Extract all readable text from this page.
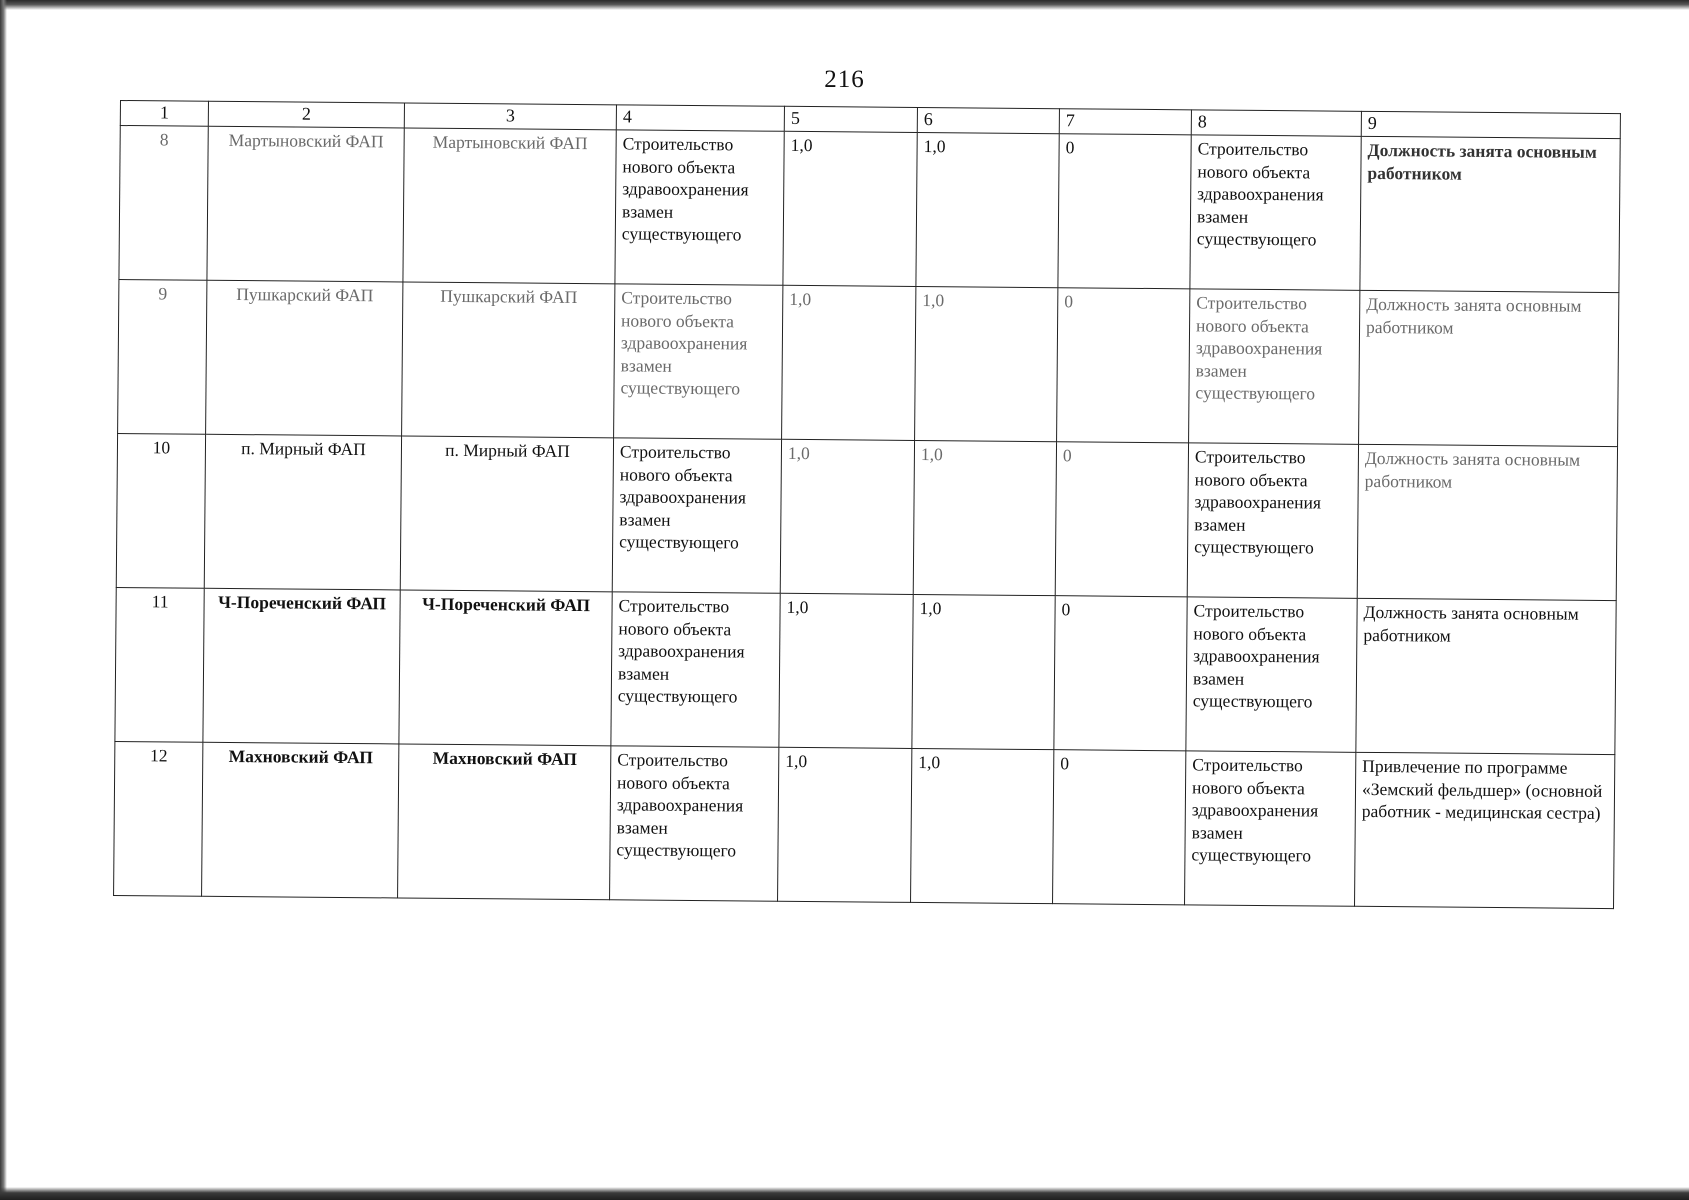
216
1	2	3	4	5	6	7	8	9
8	Мартыновский ФАП	Мартыновский ФАП	Строительство нового объекта здравоохранения взамен существующего	1,0	1,0	0	Строительство нового объекта здравоохранения взамен существующего	Должность занята основным работником
9	Пушкарский ФАП	Пушкарский ФАП	Строительство нового объекта здравоохранения взамен существующего	1,0	1,0	0	Строительство нового объекта здравоохранения взамен существующего	Должность занята основным работником
10	п. Мирный ФАП	п. Мирный ФАП	Строительство нового объекта здравоохранения взамен существующего	1,0	1,0	0	Строительство нового объекта здравоохранения взамен существующего	Должность занята основным работником
11	Ч-Пореченский ФАП	Ч-Пореченский ФАП	Строительство нового объекта здравоохранения взамен существующего	1,0	1,0	0	Строительство нового объекта здравоохранения взамен существующего	Должность занята основным работником
12	Махновский ФАП	Махновский ФАП	Строительство нового объекта здравоохранения взамен существующего	1,0	1,0	0	Строительство нового объекта здравоохранения взамен существующего	Привлечение по программе «Земский фельдшер» (основной работник - медицинская сестра)
